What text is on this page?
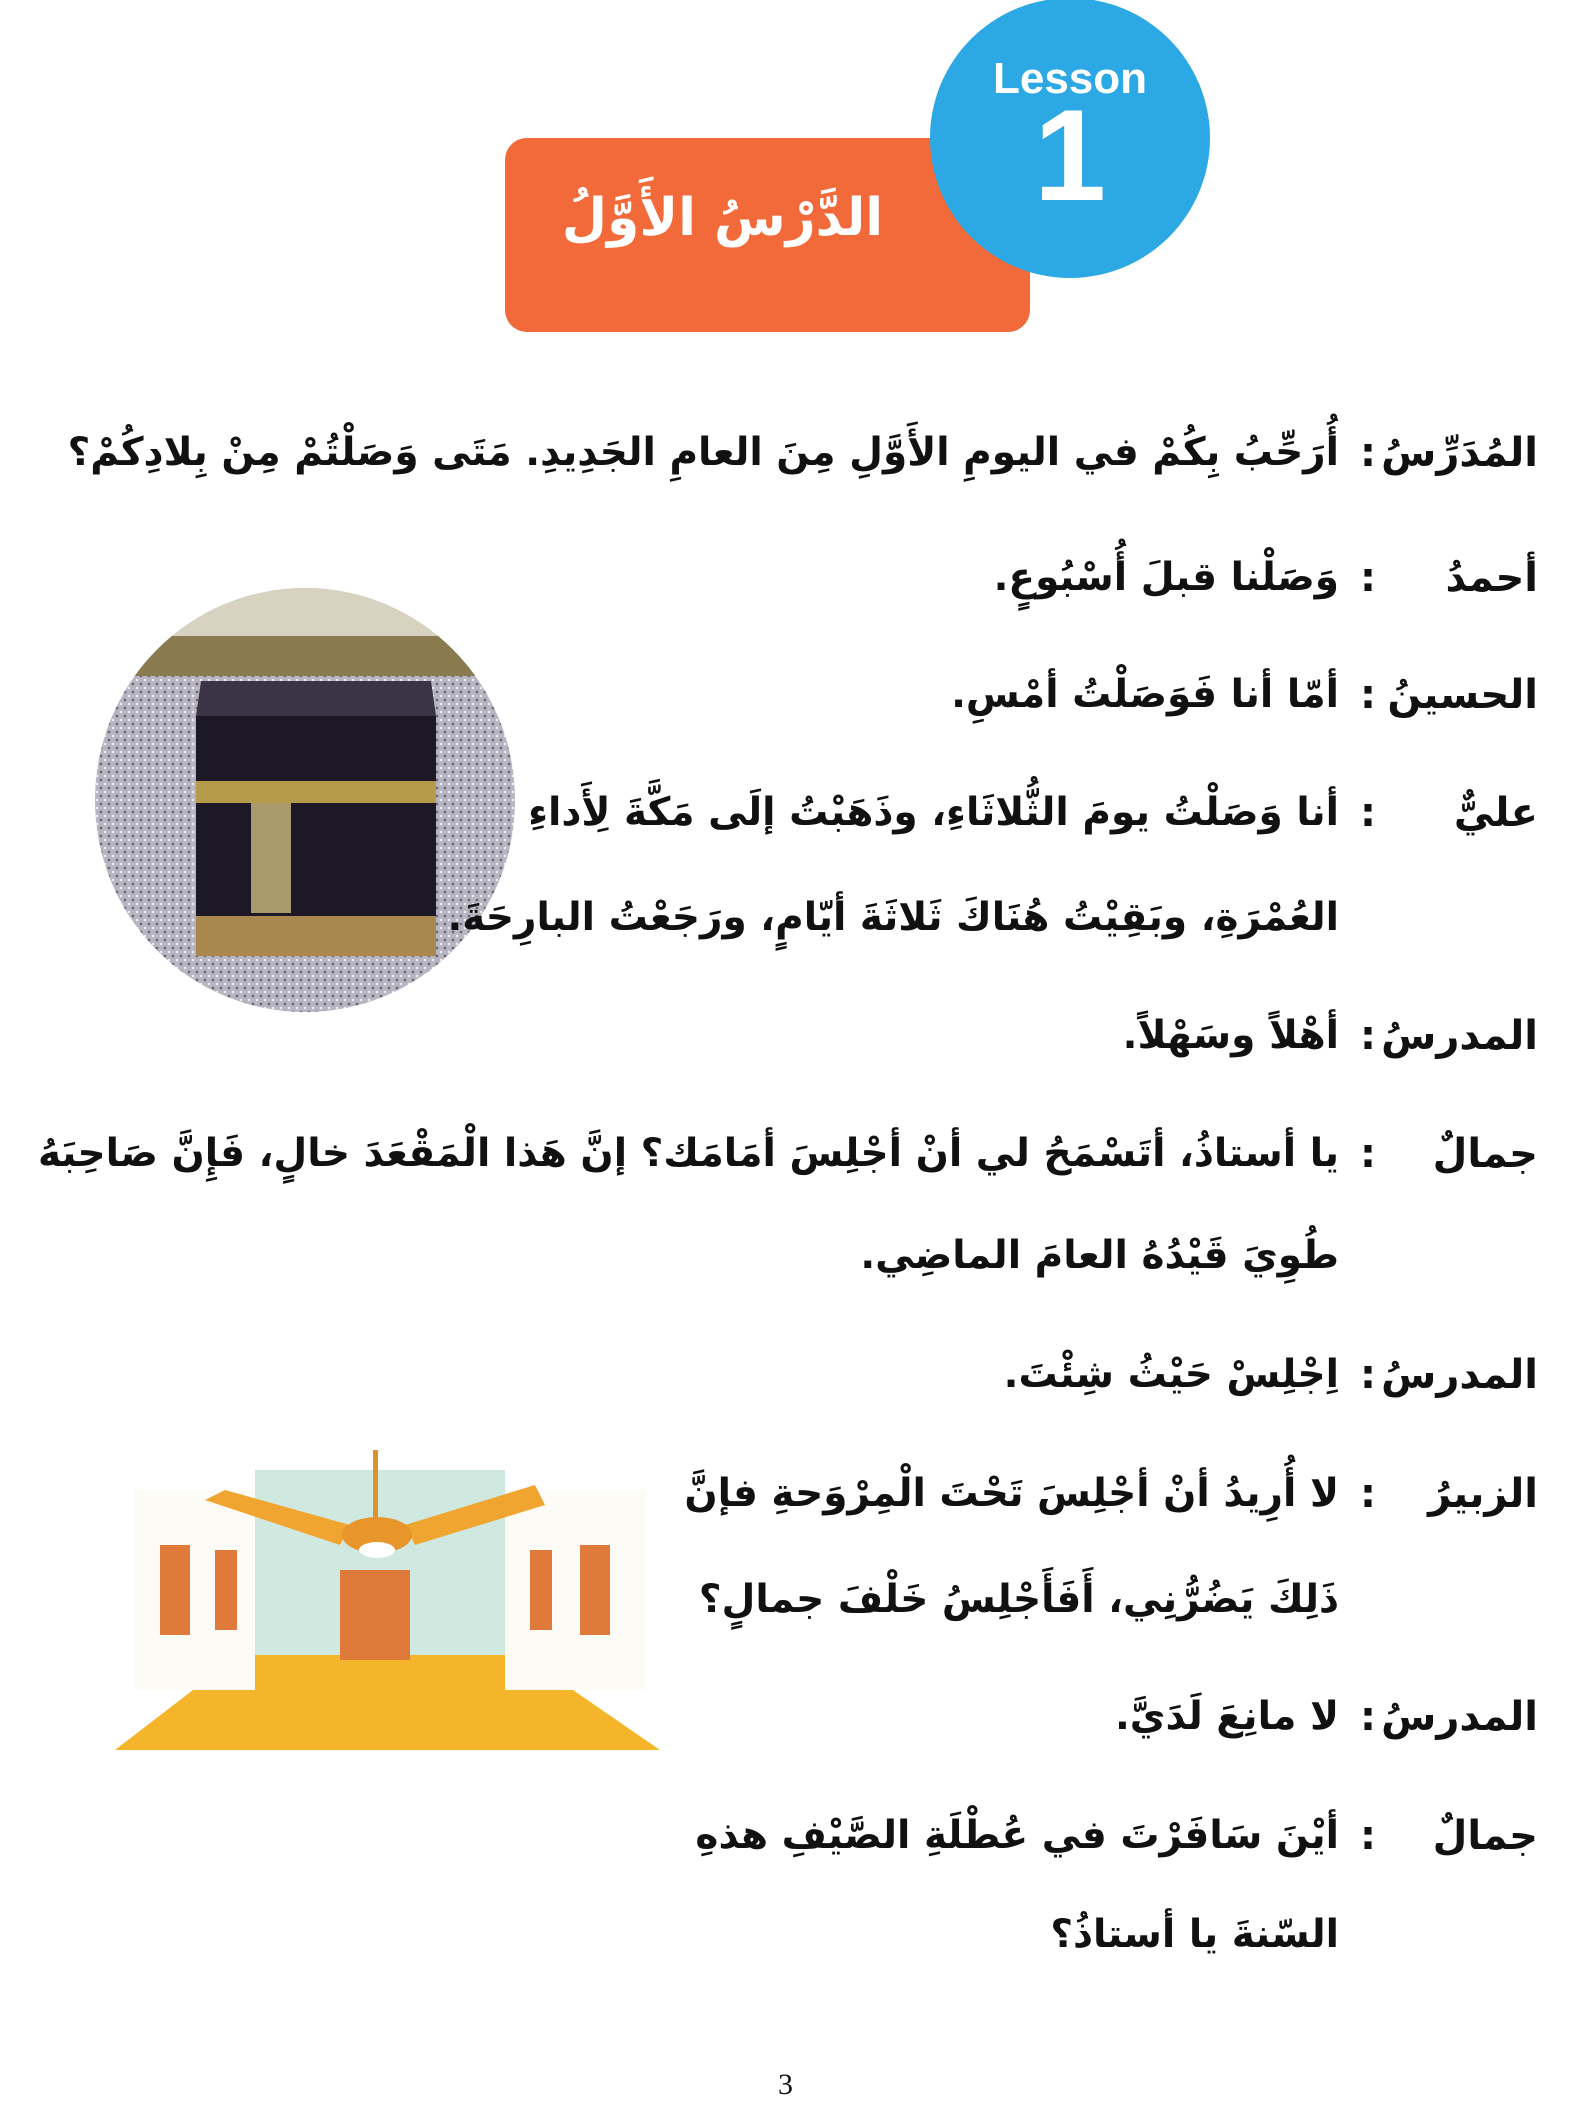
الدَّرْسُ الأَوَّلُ
Lesson
1
المُدَرِّسُ
:
أُرَحِّبُ بِكُمْ في اليومِ الأَوَّلِ مِنَ العامِ الجَدِيدِ. مَتَى وَصَلْتُمْ مِنْ بِلادِكُمْ؟
أحمدُ
:
وَصَلْنا قبلَ أُسْبُوعٍ.
الحسينُ
:
أمّا أنا فَوَصَلْتُ أمْسِ.
عليٌّ
:
أنا وَصَلْتُ يومَ الثُّلاثَاءِ، وذَهَبْتُ إلَى مَكَّةَ لِأَداءِ
العُمْرَةِ، وبَقِيْتُ هُنَاكَ ثَلاثَةَ أيّامٍ، ورَجَعْتُ البارِحَةَ.
المدرسُ
:
أهْلاً وسَهْلاً.
جمالٌ
:
يا أستاذُ، أتَسْمَحُ لي أنْ أجْلِسَ أمَامَك؟ إنَّ هَذا الْمَقْعَدَ خالٍ، فَإِنَّ صَاحِبَهُ
طُوِيَ قَيْدُهُ العامَ الماضِي.
المدرسُ
:
اِجْلِسْ حَيْثُ شِئْتَ.
الزبيرُ
:
لا أُرِيدُ أنْ أجْلِسَ تَحْتَ الْمِرْوَحةِ فإنَّ
ذَلِكَ يَضُرُّنِي، أَفَأَجْلِسُ خَلْفَ جمالٍ؟
المدرسُ
:
لا مانِعَ لَدَيَّ.
جمالٌ
:
أيْنَ سَافَرْتَ في عُطْلَةِ الصَّيْفِ هذهِ
السّنةَ يا أستاذُ؟
3
